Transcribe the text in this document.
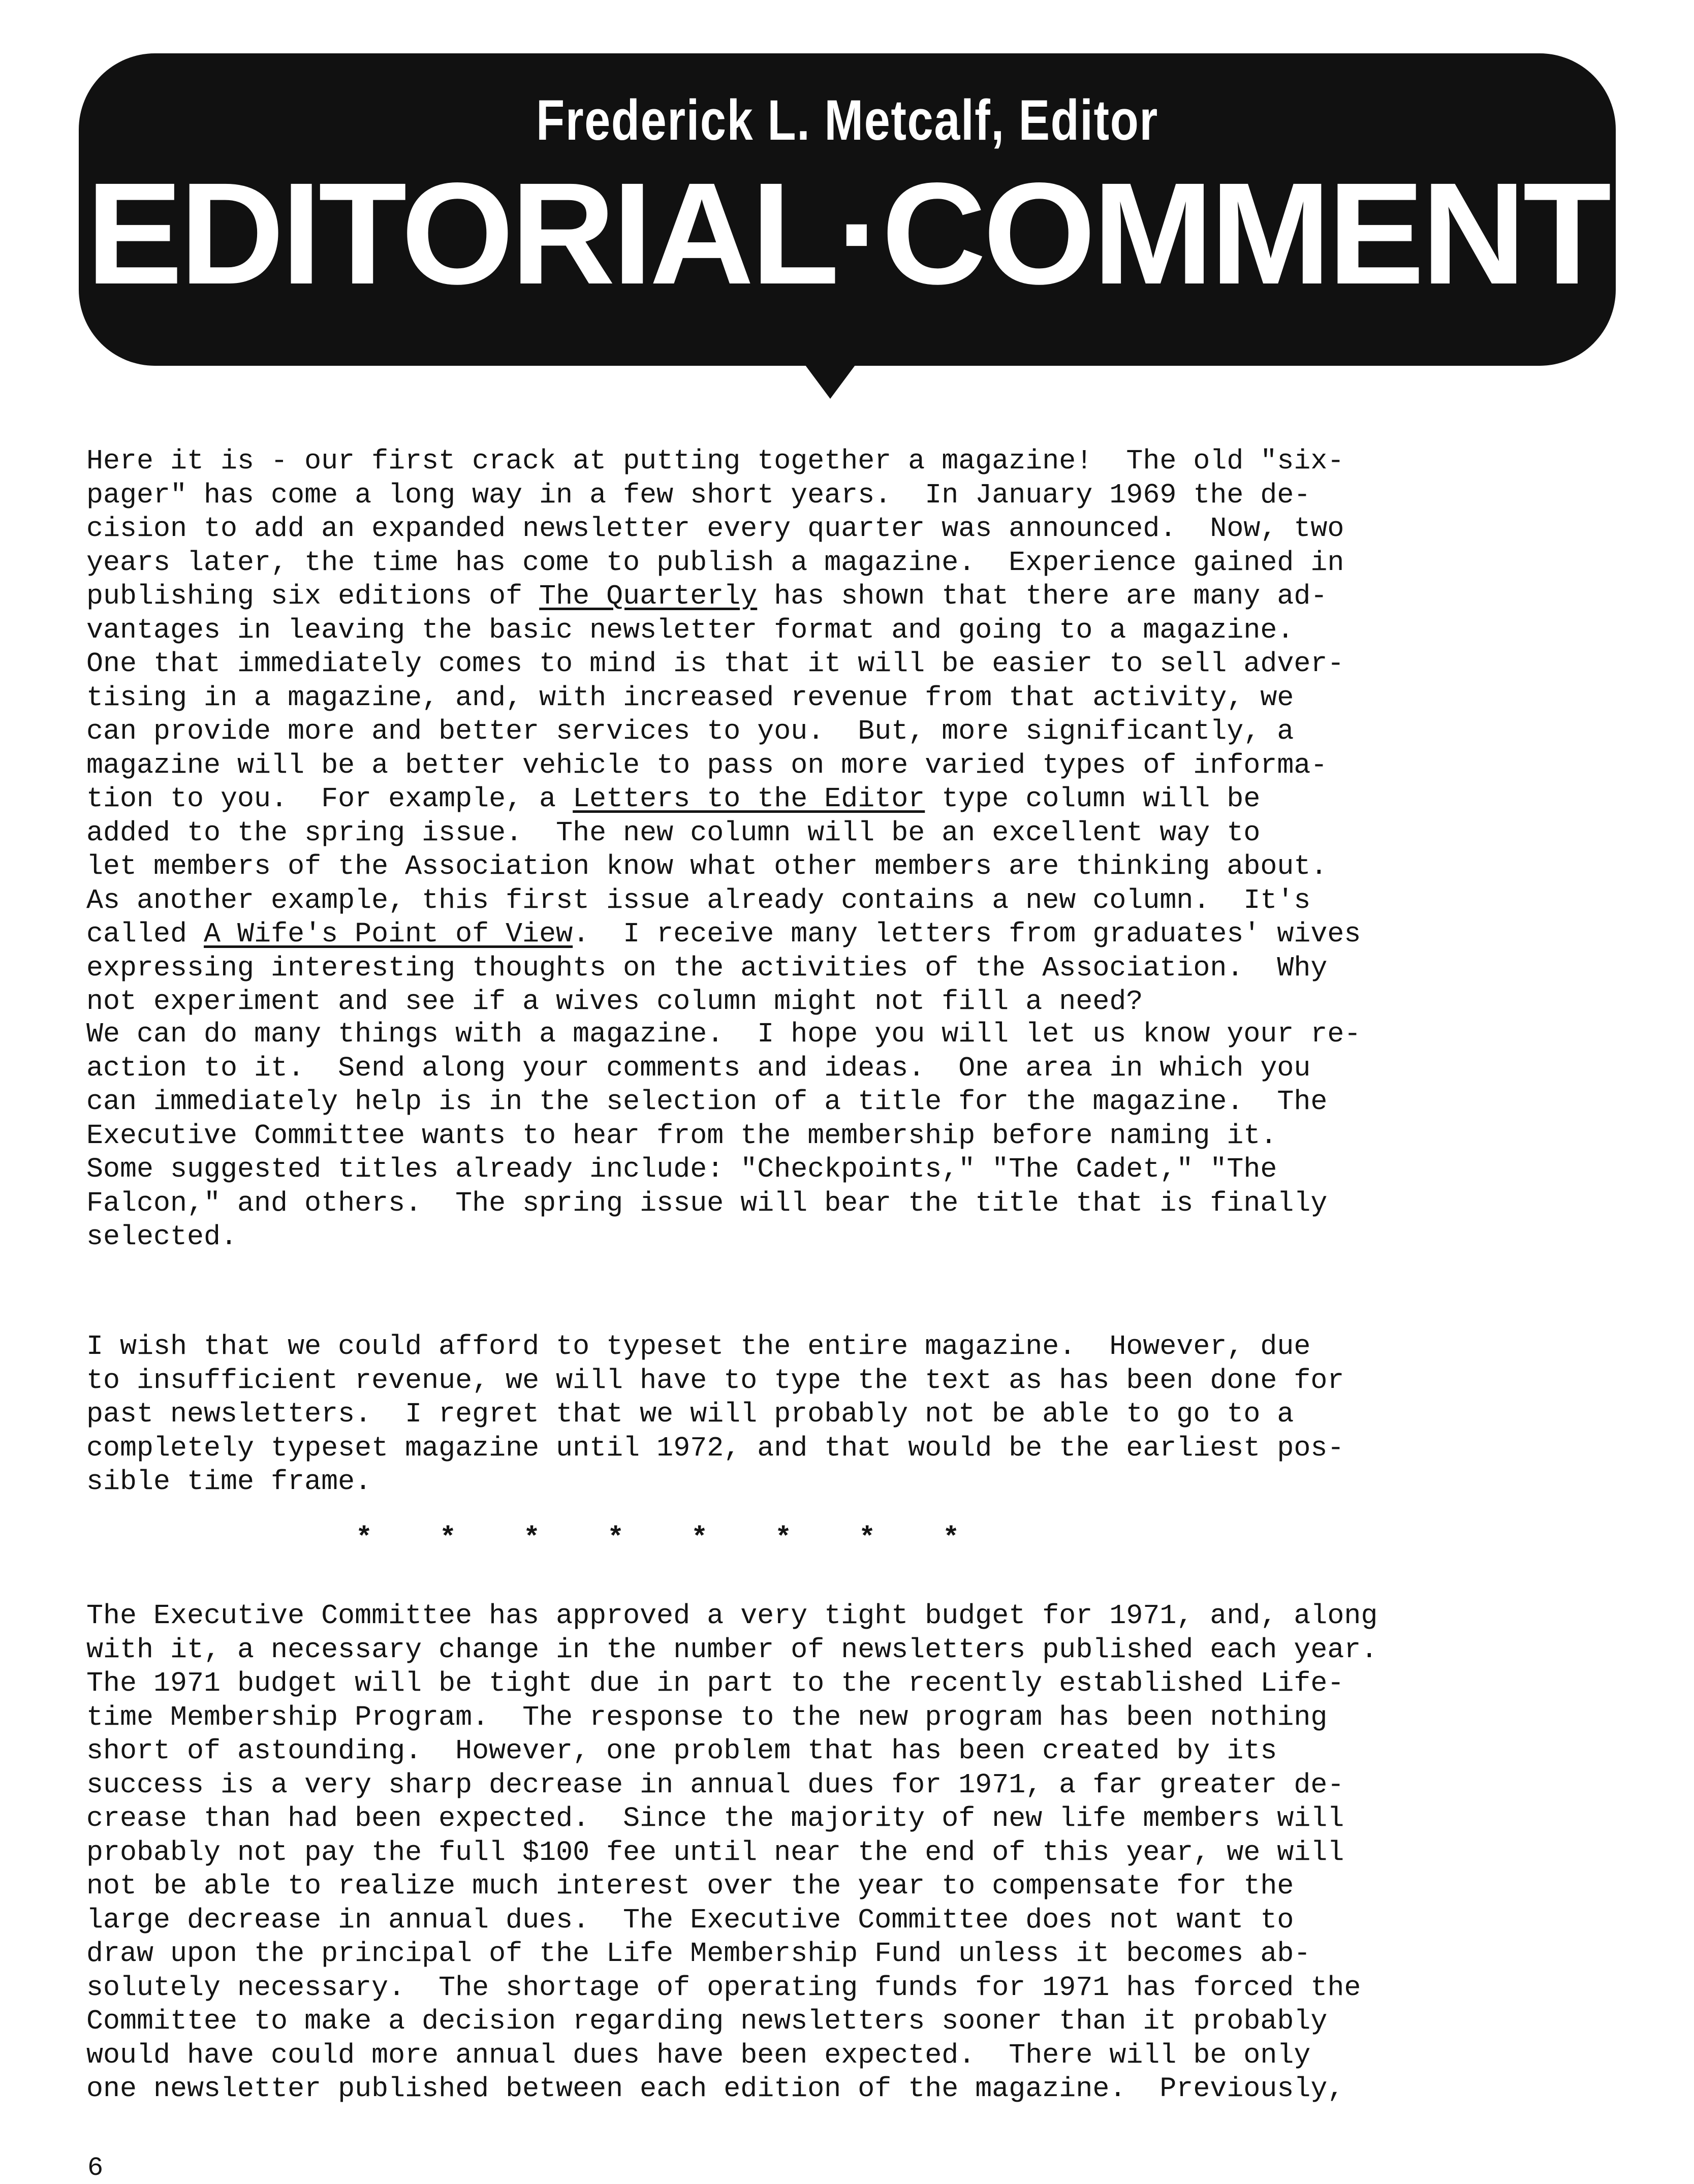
Frederick L. Metcalf, Editor
EDITORIAL·COMMENT
Here it is - our first crack at putting together a magazine!  The old "six-
pager" has come a long way in a few short years.  In January 1969 the de-
cision to add an expanded newsletter every quarter was announced.  Now, two
years later, the time has come to publish a magazine.  Experience gained in
publishing six editions of The Quarterly has shown that there are many ad-
vantages in leaving the basic newsletter format and going to a magazine.
One that immediately comes to mind is that it will be easier to sell adver-
tising in a magazine, and, with increased revenue from that activity, we
can provide more and better services to you.  But, more significantly, a
magazine will be a better vehicle to pass on more varied types of informa-
tion to you.  For example, a Letters to the Editor type column will be
added to the spring issue.  The new column will be an excellent way to
let members of the Association know what other members are thinking about.
As another example, this first issue already contains a new column.  It's
called A Wife's Point of View.  I receive many letters from graduates' wives
expressing interesting thoughts on the activities of the Association.  Why
not experiment and see if a wives column might not fill a need?
We can do many things with a magazine.  I hope you will let us know your re-
action to it.  Send along your comments and ideas.  One area in which you
can immediately help is in the selection of a title for the magazine.  The
Executive Committee wants to hear from the membership before naming it.
Some suggested titles already include: "Checkpoints," "The Cadet," "The
Falcon," and others.  The spring issue will bear the title that is finally
selected.
I wish that we could afford to typeset the entire magazine.  However, due
to insufficient revenue, we will have to type the text as has been done for
past newsletters.  I regret that we will probably not be able to go to a
completely typeset magazine until 1972, and that would be the earliest pos-
sible time frame.
*    *    *    *    *    *    *    *
The Executive Committee has approved a very tight budget for 1971, and, along
with it, a necessary change in the number of newsletters published each year.
The 1971 budget will be tight due in part to the recently established Life-
time Membership Program.  The response to the new program has been nothing
short of astounding.  However, one problem that has been created by its
success is a very sharp decrease in annual dues for 1971, a far greater de-
crease than had been expected.  Since the majority of new life members will
probably not pay the full $100 fee until near the end of this year, we will
not be able to realize much interest over the year to compensate for the
large decrease in annual dues.  The Executive Committee does not want to
draw upon the principal of the Life Membership Fund unless it becomes ab-
solutely necessary.  The shortage of operating funds for 1971 has forced the
Committee to make a decision regarding newsletters sooner than it probably
would have could more annual dues have been expected.  There will be only
one newsletter published between each edition of the magazine.  Previously,
6
